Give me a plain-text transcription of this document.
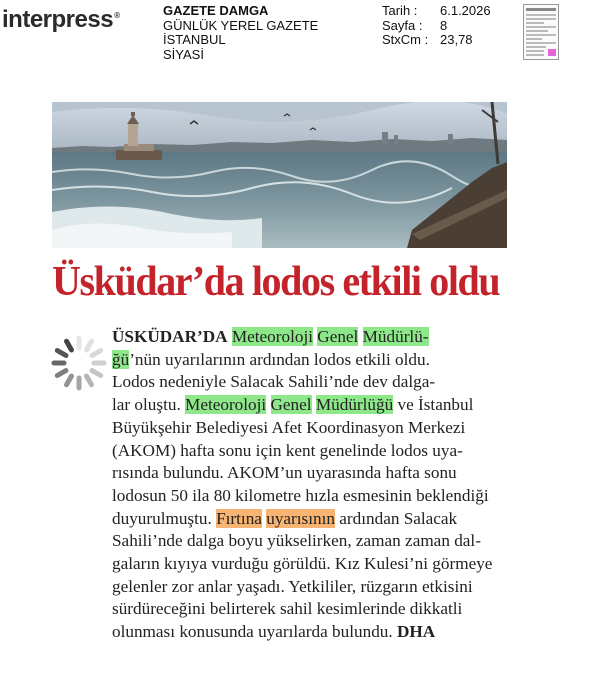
interpress®	GAZETE DAMGA
GÜNLÜK YEREL GAZETE
İSTANBUL
SİYASİ
Tarih :	6.1.2026
Sayfa :	8
StxCm : 23,78
Üsküdar’da lodos etkili oldu
ÜSKÜDAR’DA Meteoroloji Genel Müdürlü-
ğü’nün uyarılarının ardından lodos etkili oldu.
Lodos nedeniyle Salacak Sahili’nde dev dalga-
lar oluştu. Meteoroloji Genel Müdürlüğü ve İstanbul
Büyükşehir Belediyesi Afet Koordinasyon Merkezi
(AKOM) hafta sonu için kent genelinde lodos uya-
rısında bulundu. AKOM’un uyarasında hafta sonu
lodosun 50 ila 80 kilometre hızla esmesinin beklendiği
duyurulmuştu. Fırtına uyarısının ardından Salacak
Sahili’nde dalga boyu yükselirken, zaman zaman dal-
gaların kıyıya vurduğu görüldü. Kız Kulesi’ni görmeye
gelenler zor anlar yaşadı. Yetkililer, rüzgarın etkisini
sürdüreceğini belirterek sahil kesimlerinde dikkatli
olunması konusunda uyarılarda bulundu. DHA
